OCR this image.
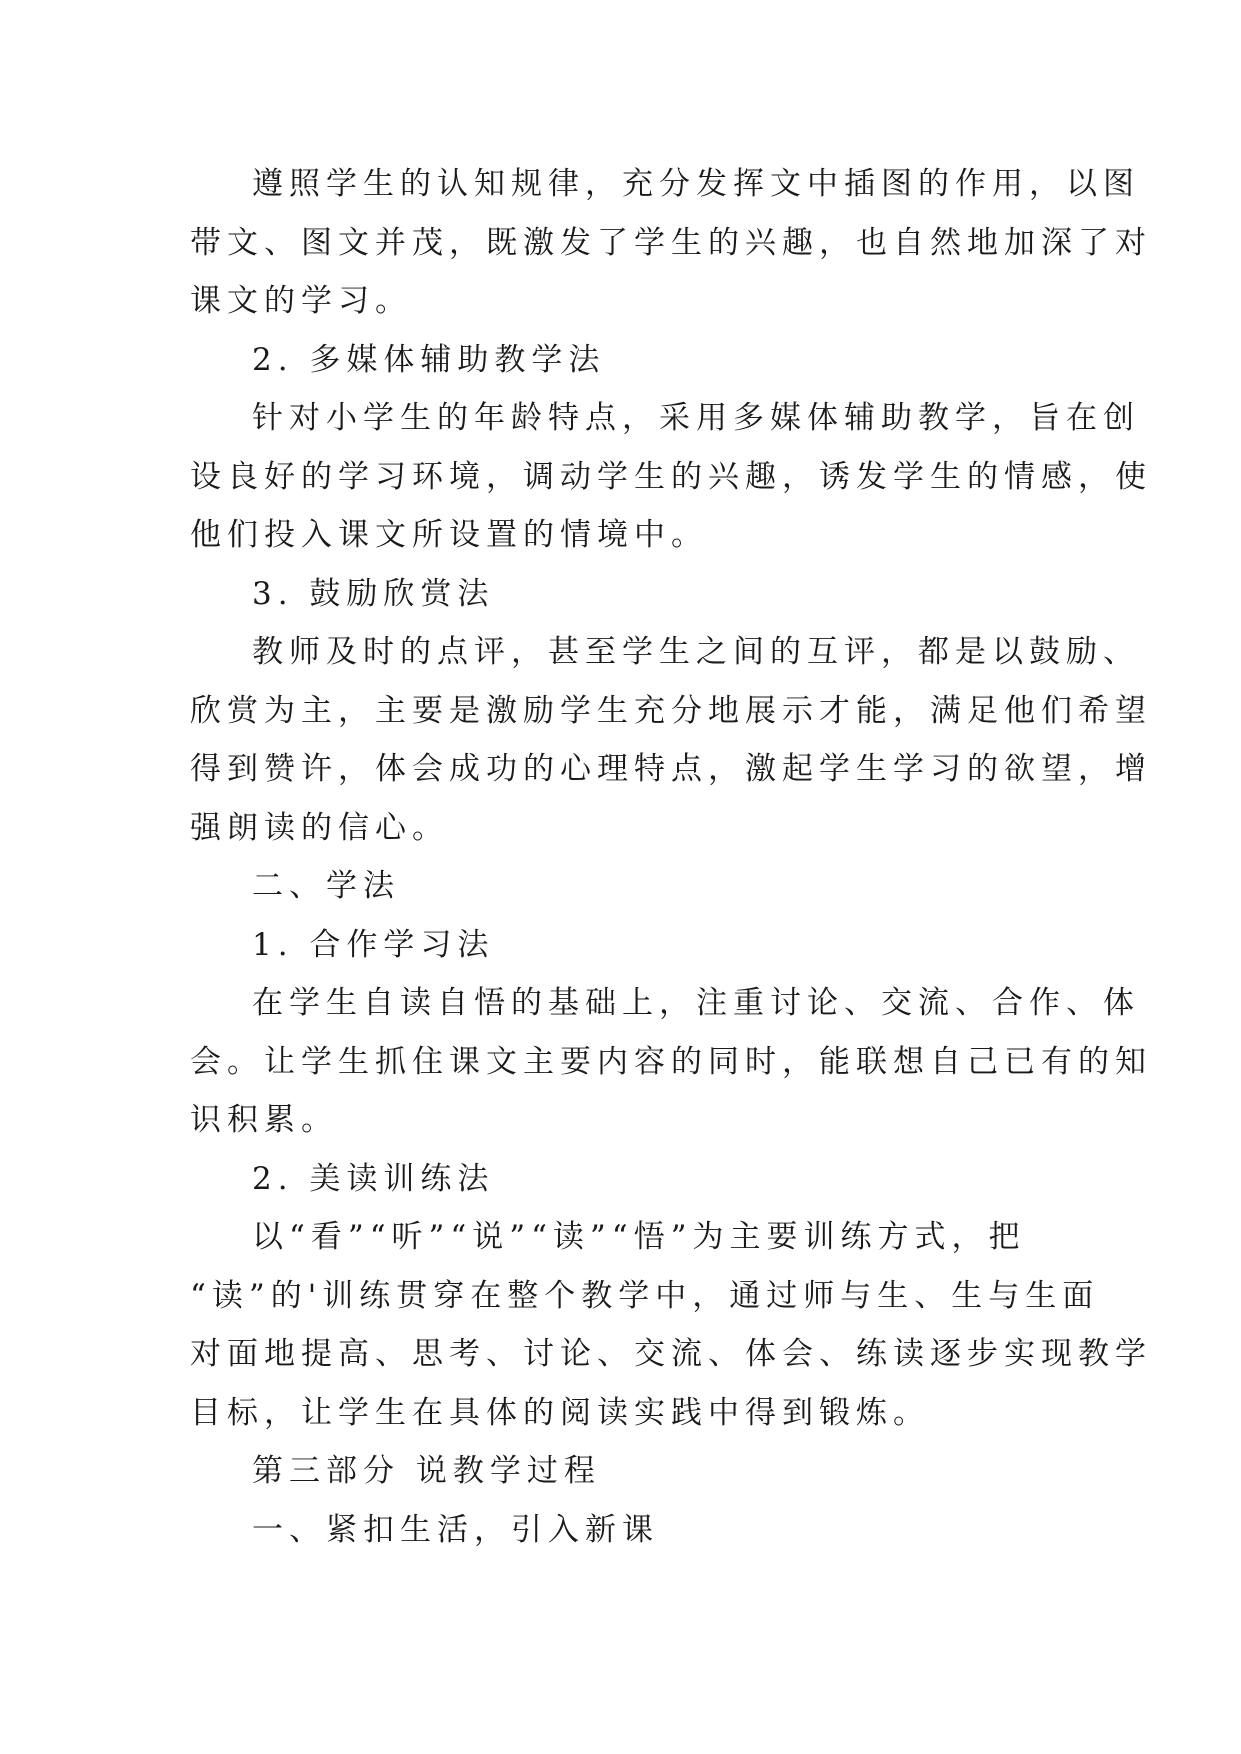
遵照学生的认知规律，充分发挥文中插图的作用，以图
带文、图文并茂，既激发了学生的兴趣，也自然地加深了对
课文的学习。
2. 多媒体辅助教学法
针对小学生的年龄特点，采用多媒体辅助教学，旨在创
设良好的学习环境，调动学生的兴趣，诱发学生的情感，使
他们投入课文所设置的情境中。
3. 鼓励欣赏法
教师及时的点评，甚至学生之间的互评，都是以鼓励、
欣赏为主，主要是激励学生充分地展示才能，满足他们希望
得到赞许，体会成功的心理特点，激起学生学习的欲望，增
强朗读的信心。
二、学法
1. 合作学习法
在学生自读自悟的基础上，注重讨论、交流、合作、体
会。让学生抓住课文主要内容的同时，能联想自己已有的知
识积累。
2. 美读训练法
以“看”“听”“说”“读”“悟”为主要训练方式，把
“读”的'训练贯穿在整个教学中，通过师与生、生与生面
对面地提高、思考、讨论、交流、体会、练读逐步实现教学
目标，让学生在具体的阅读实践中得到锻炼。
第三部分 说教学过程
一、紧扣生活，引入新课
